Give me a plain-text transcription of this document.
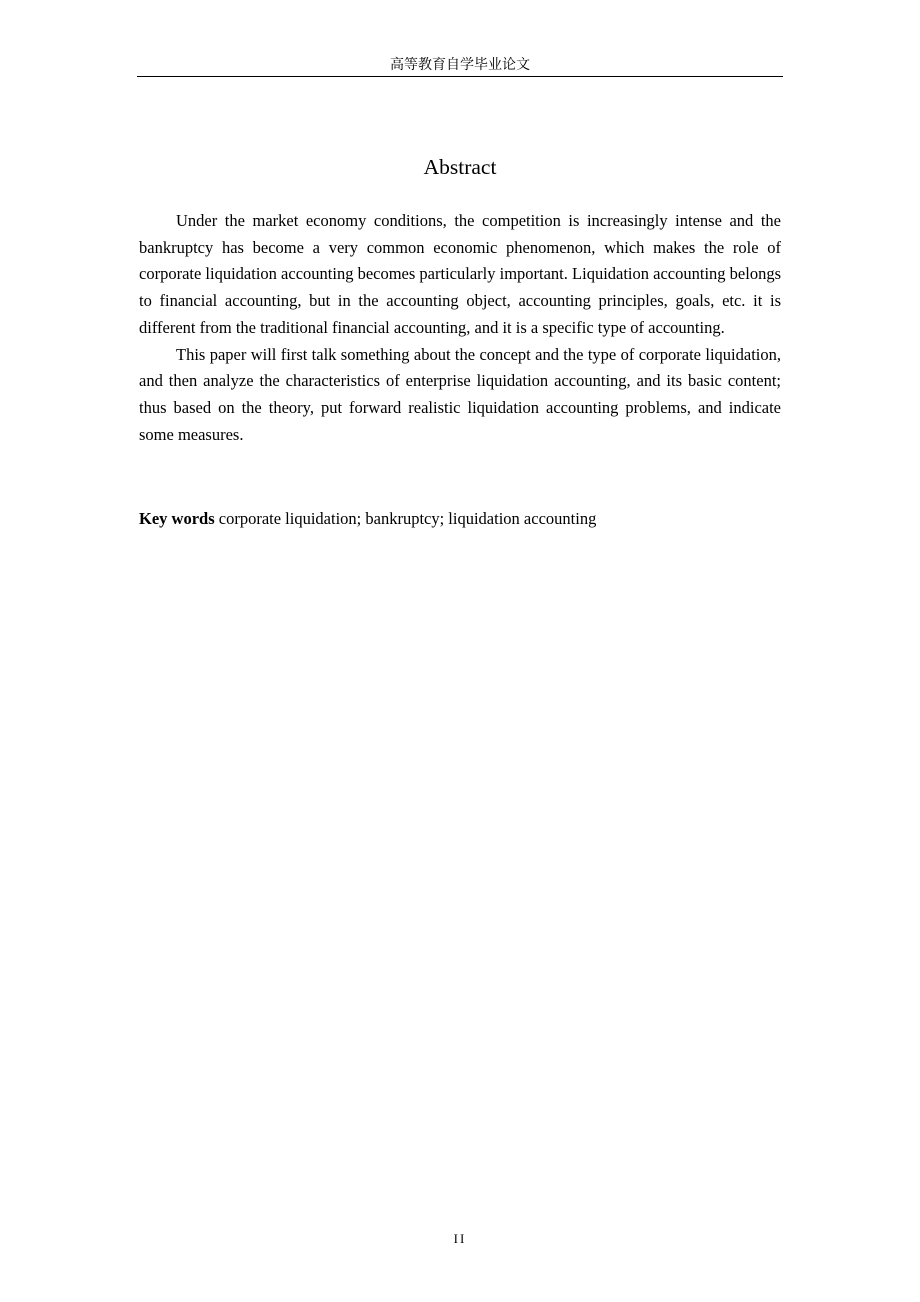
高等教育自学毕业论文
Abstract

Under the market economy conditions, the competition is increasingly intense and the bankruptcy has become a very common economic phenomenon, which makes the role of corporate liquidation accounting becomes particularly important. Liquidation accounting belongs to financial accounting, but in the accounting object, accounting principles, goals, etc. it is different from the traditional financial accounting, and it is a specific type of accounting.

This paper will first talk something about the concept and the type of corporate liquidation, and then analyze the characteristics of enterprise liquidation accounting, and its basic content; thus based on the theory, put forward realistic liquidation accounting problems, and indicate some measures.

Key words corporate liquidation; bankruptcy; liquidation accounting
II
